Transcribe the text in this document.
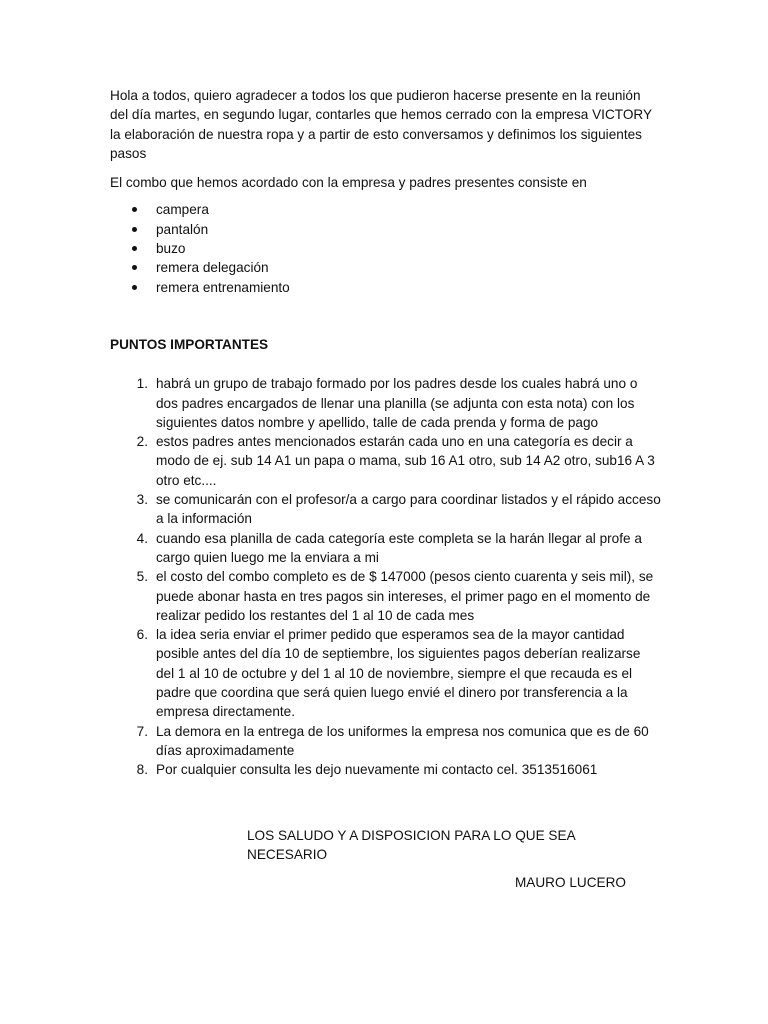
Hola a todos, quiero agradecer a todos los que pudieron hacerse presente en la reunión del día martes, en segundo lugar, contarles que hemos cerrado con la empresa VICTORY la elaboración de nuestra ropa y a partir de esto conversamos y definimos los siguientes pasos

El combo que hemos acordado con la empresa y padres presentes consiste en

campera
pantalón
buzo
remera delegación
remera entrenamiento

PUNTOS IMPORTANTES

1. habrá un grupo de trabajo formado por los padres desde los cuales habrá uno o dos padres encargados de llenar una planilla (se adjunta con esta nota) con los siguientes datos nombre y apellido, talle de cada prenda y forma de pago
2. estos padres antes mencionados estarán cada uno en una categoría es decir a modo de ej. sub 14 A1 un papa o mama, sub 16 A1 otro, sub 14 A2 otro, sub16 A 3 otro etc....
3. se comunicarán con el profesor/a a cargo para coordinar listados y el rápido acceso a la información
4. cuando esa planilla de cada categoría este completa se la harán llegar al profe a cargo quien luego me la enviara a mi
5. el costo del combo completo es de $ 147000 (pesos ciento cuarenta y seis mil), se puede abonar hasta en tres pagos sin intereses, el primer pago en el momento de realizar pedido los restantes del 1 al 10 de cada mes
6. la idea seria enviar el primer pedido que esperamos sea de la mayor cantidad posible antes del día 10 de septiembre, los siguientes pagos deberían realizarse del 1 al 10 de octubre y del 1 al 10 de noviembre, siempre el que recauda es el padre que coordina que será quien luego envié el dinero por transferencia a la empresa directamente.
7. La demora en la entrega de los uniformes la empresa nos comunica que es de 60 días aproximadamente
8. Por cualquier consulta les dejo nuevamente mi contacto cel. 3513516061

LOS SALUDO Y A DISPOSICION PARA LO QUE SEA NECESARIO

MAURO LUCERO
